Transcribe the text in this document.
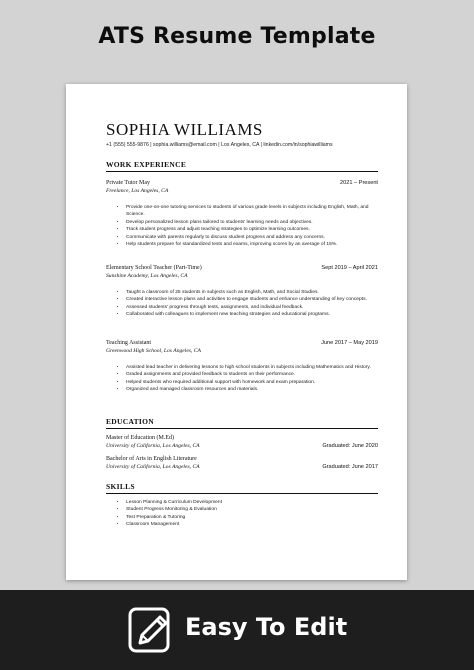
ATS Resume Template
SOPHIA WILLIAMS
+1 (555) 555-9876 | sophia.williams@email.com | Los Angeles, CA | linkedin.com/in/sophiawilliams
WORK EXPERIENCE
Private Tutor May	2021 – Present
Freelance, Los Angeles, CA
• Provide one-on-one tutoring services to students of various grade levels in subjects including English, Math, and Science.
• Develop personalized lesson plans tailored to students' learning needs and objectives.
• Track student progress and adjust teaching strategies to optimize learning outcomes.
• Communicate with parents regularly to discuss student progress and address any concerns.
• Help students prepare for standardized tests and exams, improving scores by an average of 15%.
Elementary School Teacher (Part-Time)	Sept 2019 – April 2021
Sunshine Academy, Los Angeles, CA
• Taught a classroom of 25 students in subjects such as English, Math, and Social Studies.
• Created interactive lesson plans and activities to engage students and enhance understanding of key concepts.
• Assessed students' progress through tests, assignments, and individual feedback.
• Collaborated with colleagues to implement new teaching strategies and educational programs.
Teaching Assistant	June 2017 – May 2019
Greenwood High School, Los Angeles, CA
• Assisted lead teacher in delivering lessons to high school students in subjects including Mathematics and History.
• Graded assignments and provided feedback to students on their performance.
• Helped students who required additional support with homework and exam preparation.
• Organized and managed classroom resources and materials.
EDUCATION
Master of Education (M.Ed)
University of California, Los Angeles, CA	Graduated: June 2020
Bachelor of Arts in English Literature
University of California, Los Angeles, CA	Graduated: June 2017
SKILLS
• Lesson Planning & Curriculum Development
• Student Progress Monitoring & Evaluation
• Test Preparation & Tutoring
• Classroom Management
Easy To Edit
